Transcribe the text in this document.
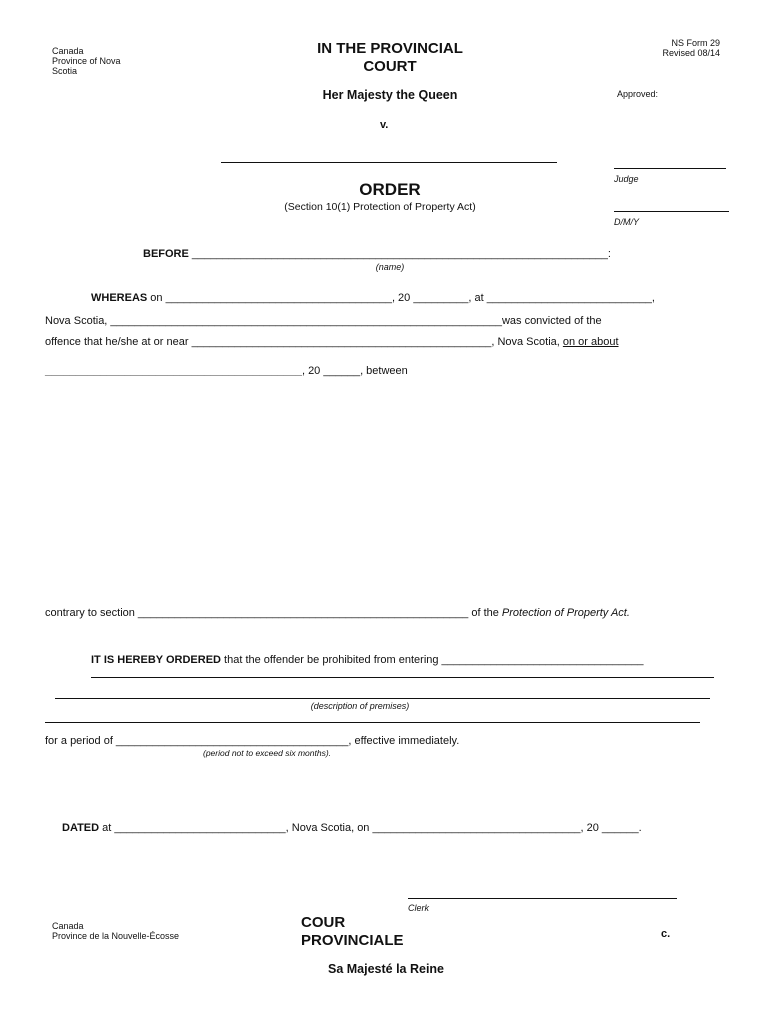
Canada
Province of Nova
Scotia
IN THE PROVINCIAL
COURT
NS Form 29
Revised 08/14
Her Majesty the Queen	Approved:
v.
Judge
D/M/Y
ORDER
(Section 10(1) Protection of Property Act)
BEFORE ____________________________________________________________________:
(name)
WHEREAS on _____________________________________, 20 _________, at ___________________________,
Nova Scotia, ________________________________________________________________was convicted of the
offence that he/she at or near _________________________________________________, Nova Scotia, on or about
__________________________________________, 20 ______, between
contrary to section ______________________________________________________ of the Protection of Property Act.
IT IS HEREBY ORDERED that the offender be prohibited from entering _________________________________
(description of premises)
for a period of ______________________________________, effective immediately.
(period not to exceed six months).
DATED at ____________________________, Nova Scotia, on __________________________________, 20 ______.
Clerk
Canada
Province de la Nouvelle-Écosse
COUR
PROVINCIALE	c.
Sa Majesté la Reine
